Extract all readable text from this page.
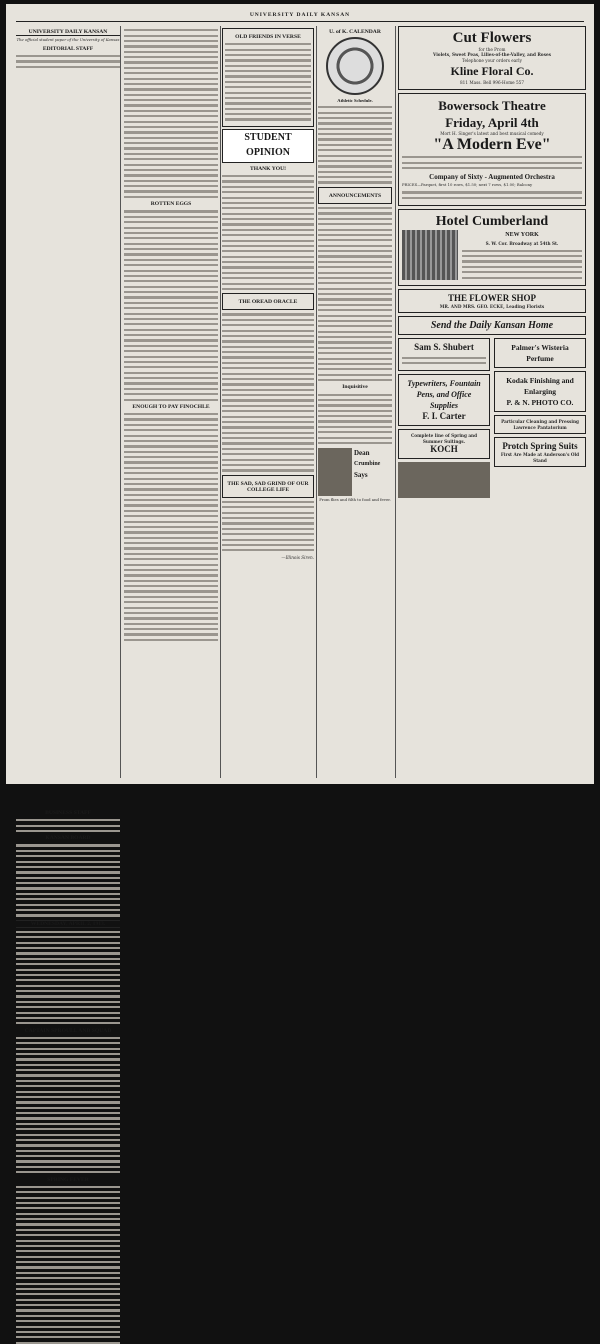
UNIVERSITY DAILY KANSAN
UNIVERSITY DAILY KANSAN
The official student paper of the University of Kansas
EDITORIAL STAFF
BUSINESS STAFF
KANSAN BOARD
WEDNESDAY, APRIL 2, 1913.
CAPTAIN SPROULL AND SQUAD
SPRING FEVER
ROTTEN EGGS
ENOUGH TO PAY FINOCHLE
OLD FRIENDS IN VERSE
STUDENT OPINION
THANK YOU!
THE OREAD ORACLE
THE SAD, SAD GRIND OF OUR COLLEGE LIFE
—Illinois Siren.
U. of K. CALENDAR
Athletic Schedule.
ANNOUNCEMENTS
Inquisitive
Dean
Crumbine
Says
From flies and filth to food and fever.
Cut Flowers
for the Prom
Violets, Sweet Peas, Lilies-of-the-Valley, and Roses
Telephone your orders early
Kline Floral Co.
811 Mass. Bell 996-Home 557
Bowersock Theatre
Friday, April 4th
Mort H. Singer's latest and best musical comedy
"A Modern Eve"
Company of Sixty - Augmented Orchestra
PRICES—Parquet, first 10 rows, $1.50; next 7 rows, $1.00; Balcony
Hotel Cumberland
NEW YORK
S. W. Cor. Broadway at 54th St.
THE FLOWER SHOP
MR. AND MRS. GEO. ECKE, Leading Florists
Send the Daily Kansan Home
Sam S. Shubert
Typewriters, Fountain Pens, and Office Supplies
F. I. Carter
Complete line of Spring and Summer Suitings.
KOCH
Palmer's Wisteria Perfume
Kodak Finishing and Enlarging
P. & N. PHOTO CO.
Particular Cleaning and Pressing
Lawrence Pantatorium
Protch Spring Suits
First Are Made at Anderson's Old Stand
